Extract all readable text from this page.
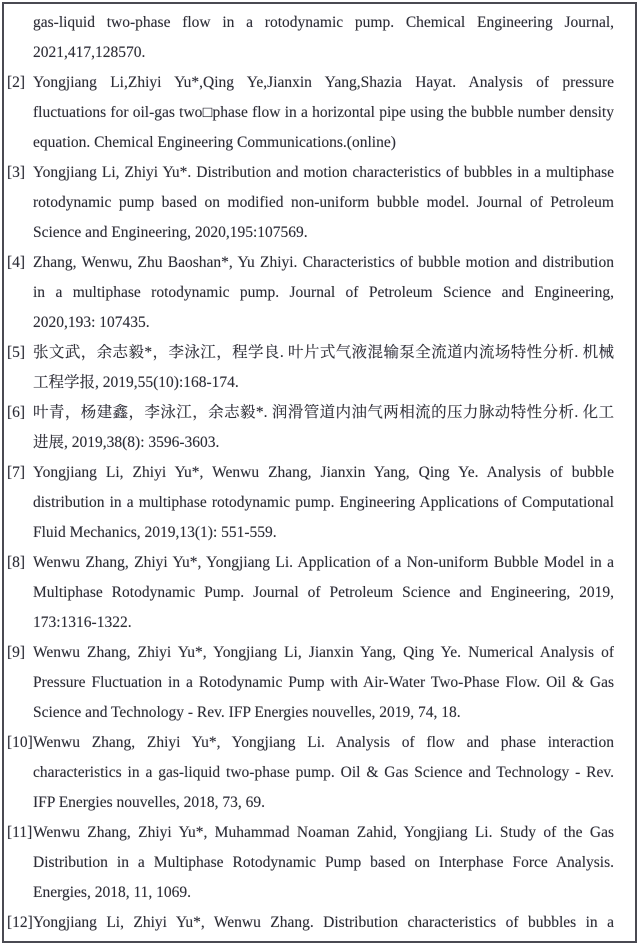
gas-liquid two-phase flow in a rotodynamic pump. Chemical Engineering Journal, 2021,417,128570.
[2] Yongjiang Li,Zhiyi Yu*,Qing Ye,Jianxin Yang,Shazia Hayat. Analysis of pressure fluctuations for oil-gas two□phase flow in a horizontal pipe using the bubble number density equation. Chemical Engineering Communications.(online)
[3] Yongjiang Li, Zhiyi Yu*. Distribution and motion characteristics of bubbles in a multiphase rotodynamic pump based on modified non-uniform bubble model. Journal of Petroleum Science and Engineering, 2020,195:107569.
[4] Zhang, Wenwu, Zhu Baoshan*, Yu Zhiyi. Characteristics of bubble motion and distribution in a multiphase rotodynamic pump. Journal of Petroleum Science and Engineering, 2020,193: 107435.
[5] 张文武，余志毅*，李泳江，程学良. 叶片式气液混输泵全流道内流场特性分析. 机械工程学报, 2019,55(10):168-174.
[6] 叶青，杨建鑫，李泳江，余志毅*. 润滑管道内油气两相流的压力脉动特性分析. 化工进展, 2019,38(8): 3596-3603.
[7] Yongjiang Li, Zhiyi Yu*, Wenwu Zhang, Jianxin Yang, Qing Ye. Analysis of bubble distribution in a multiphase rotodynamic pump. Engineering Applications of Computational Fluid Mechanics, 2019,13(1): 551-559.
[8] Wenwu Zhang, Zhiyi Yu*, Yongjiang Li. Application of a Non-uniform Bubble Model in a Multiphase Rotodynamic Pump. Journal of Petroleum Science and Engineering, 2019, 173:1316-1322.
[9] Wenwu Zhang, Zhiyi Yu*, Yongjiang Li, Jianxin Yang, Qing Ye. Numerical Analysis of Pressure Fluctuation in a Rotodynamic Pump with Air-Water Two-Phase Flow. Oil & Gas Science and Technology - Rev. IFP Energies nouvelles, 2019, 74, 18.
[10] Wenwu Zhang, Zhiyi Yu*, Yongjiang Li. Analysis of flow and phase interaction characteristics in a gas-liquid two-phase pump. Oil & Gas Science and Technology - Rev. IFP Energies nouvelles, 2018, 73, 69.
[11] Wenwu Zhang, Zhiyi Yu*, Muhammad Noaman Zahid, Yongjiang Li. Study of the Gas Distribution in a Multiphase Rotodynamic Pump based on Interphase Force Analysis. Energies, 2018, 11, 1069.
[12] Yongjiang Li, Zhiyi Yu*, Wenwu Zhang. Distribution characteristics of bubbles in a
